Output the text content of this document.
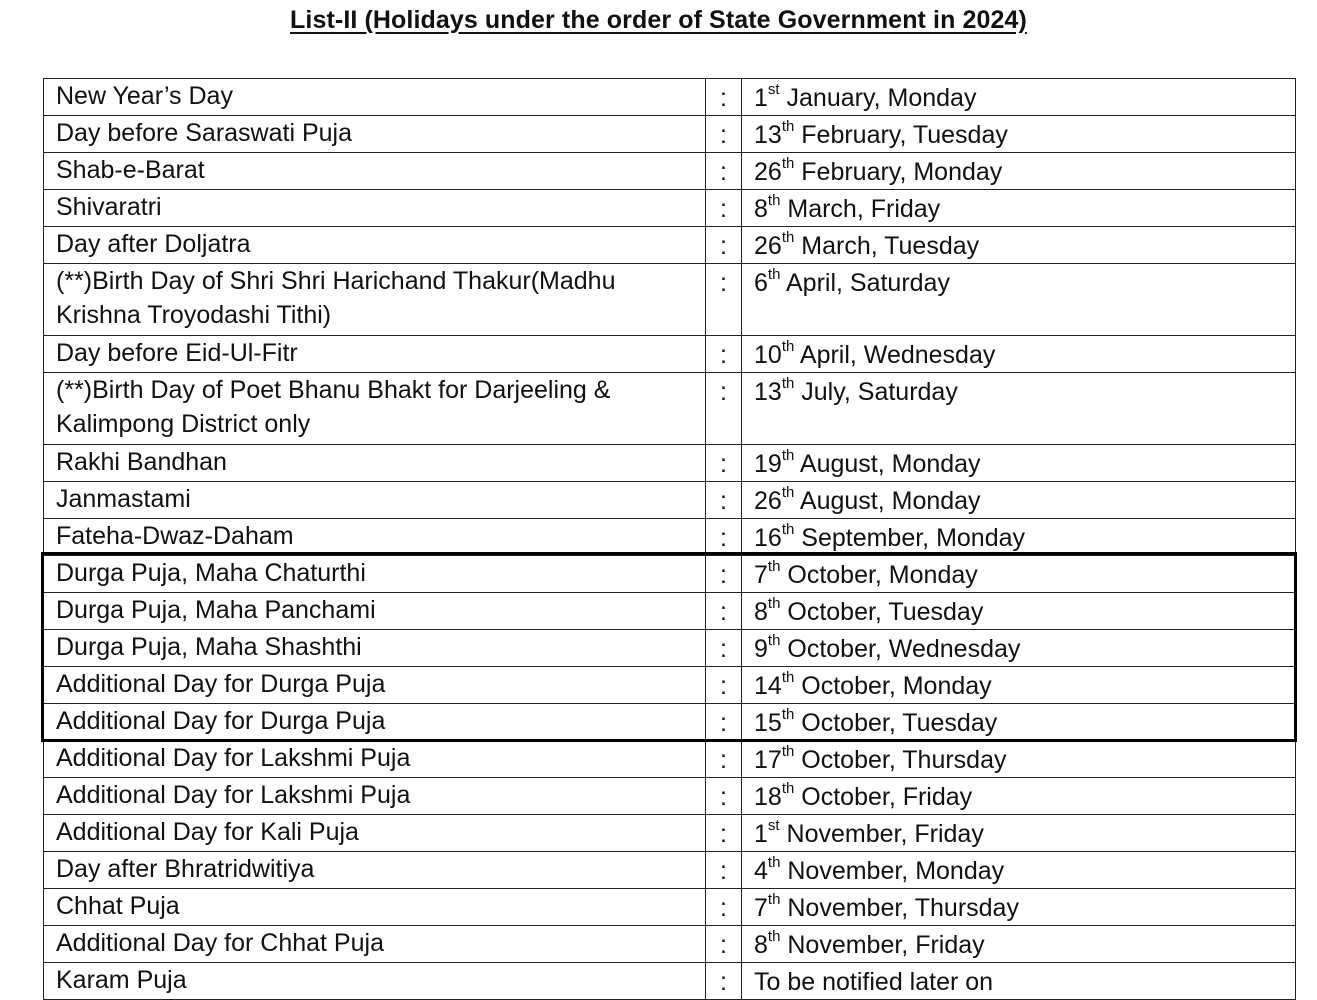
List-II (Holidays under the order of State Government in 2024)
New Year’s Day	:	1st January, Monday
Day before Saraswati Puja	:	13th February, Tuesday
Shab-e-Barat	:	26th February, Monday
Shivaratri	:	8th March, Friday
Day after Doljatra	:	26th March, Tuesday
(**)Birth Day of Shri Shri Harichand Thakur(Madhu Krishna Troyodashi Tithi)	:	6th April, Saturday
Day before Eid-Ul-Fitr	:	10th April, Wednesday
(**)Birth Day of Poet Bhanu Bhakt for Darjeeling & Kalimpong District only	:	13th July, Saturday
Rakhi Bandhan	:	19th August, Monday
Janmastami	:	26th August, Monday
Fateha-Dwaz-Daham	:	16th September, Monday
Durga Puja, Maha Chaturthi	:	7th October, Monday
Durga Puja, Maha Panchami	:	8th October, Tuesday
Durga Puja, Maha Shashthi	:	9th October, Wednesday
Additional Day for Durga Puja	:	14th October, Monday
Additional Day for Durga Puja	:	15th October, Tuesday
Additional Day for Lakshmi Puja	:	17th October, Thursday
Additional Day for Lakshmi Puja	:	18th October, Friday
Additional Day for Kali Puja	:	1st November, Friday
Day after Bhratridwitiya	:	4th November, Monday
Chhat Puja	:	7th November, Thursday
Additional Day for Chhat Puja	:	8th November, Friday
Karam Puja	:	To be notified later on
